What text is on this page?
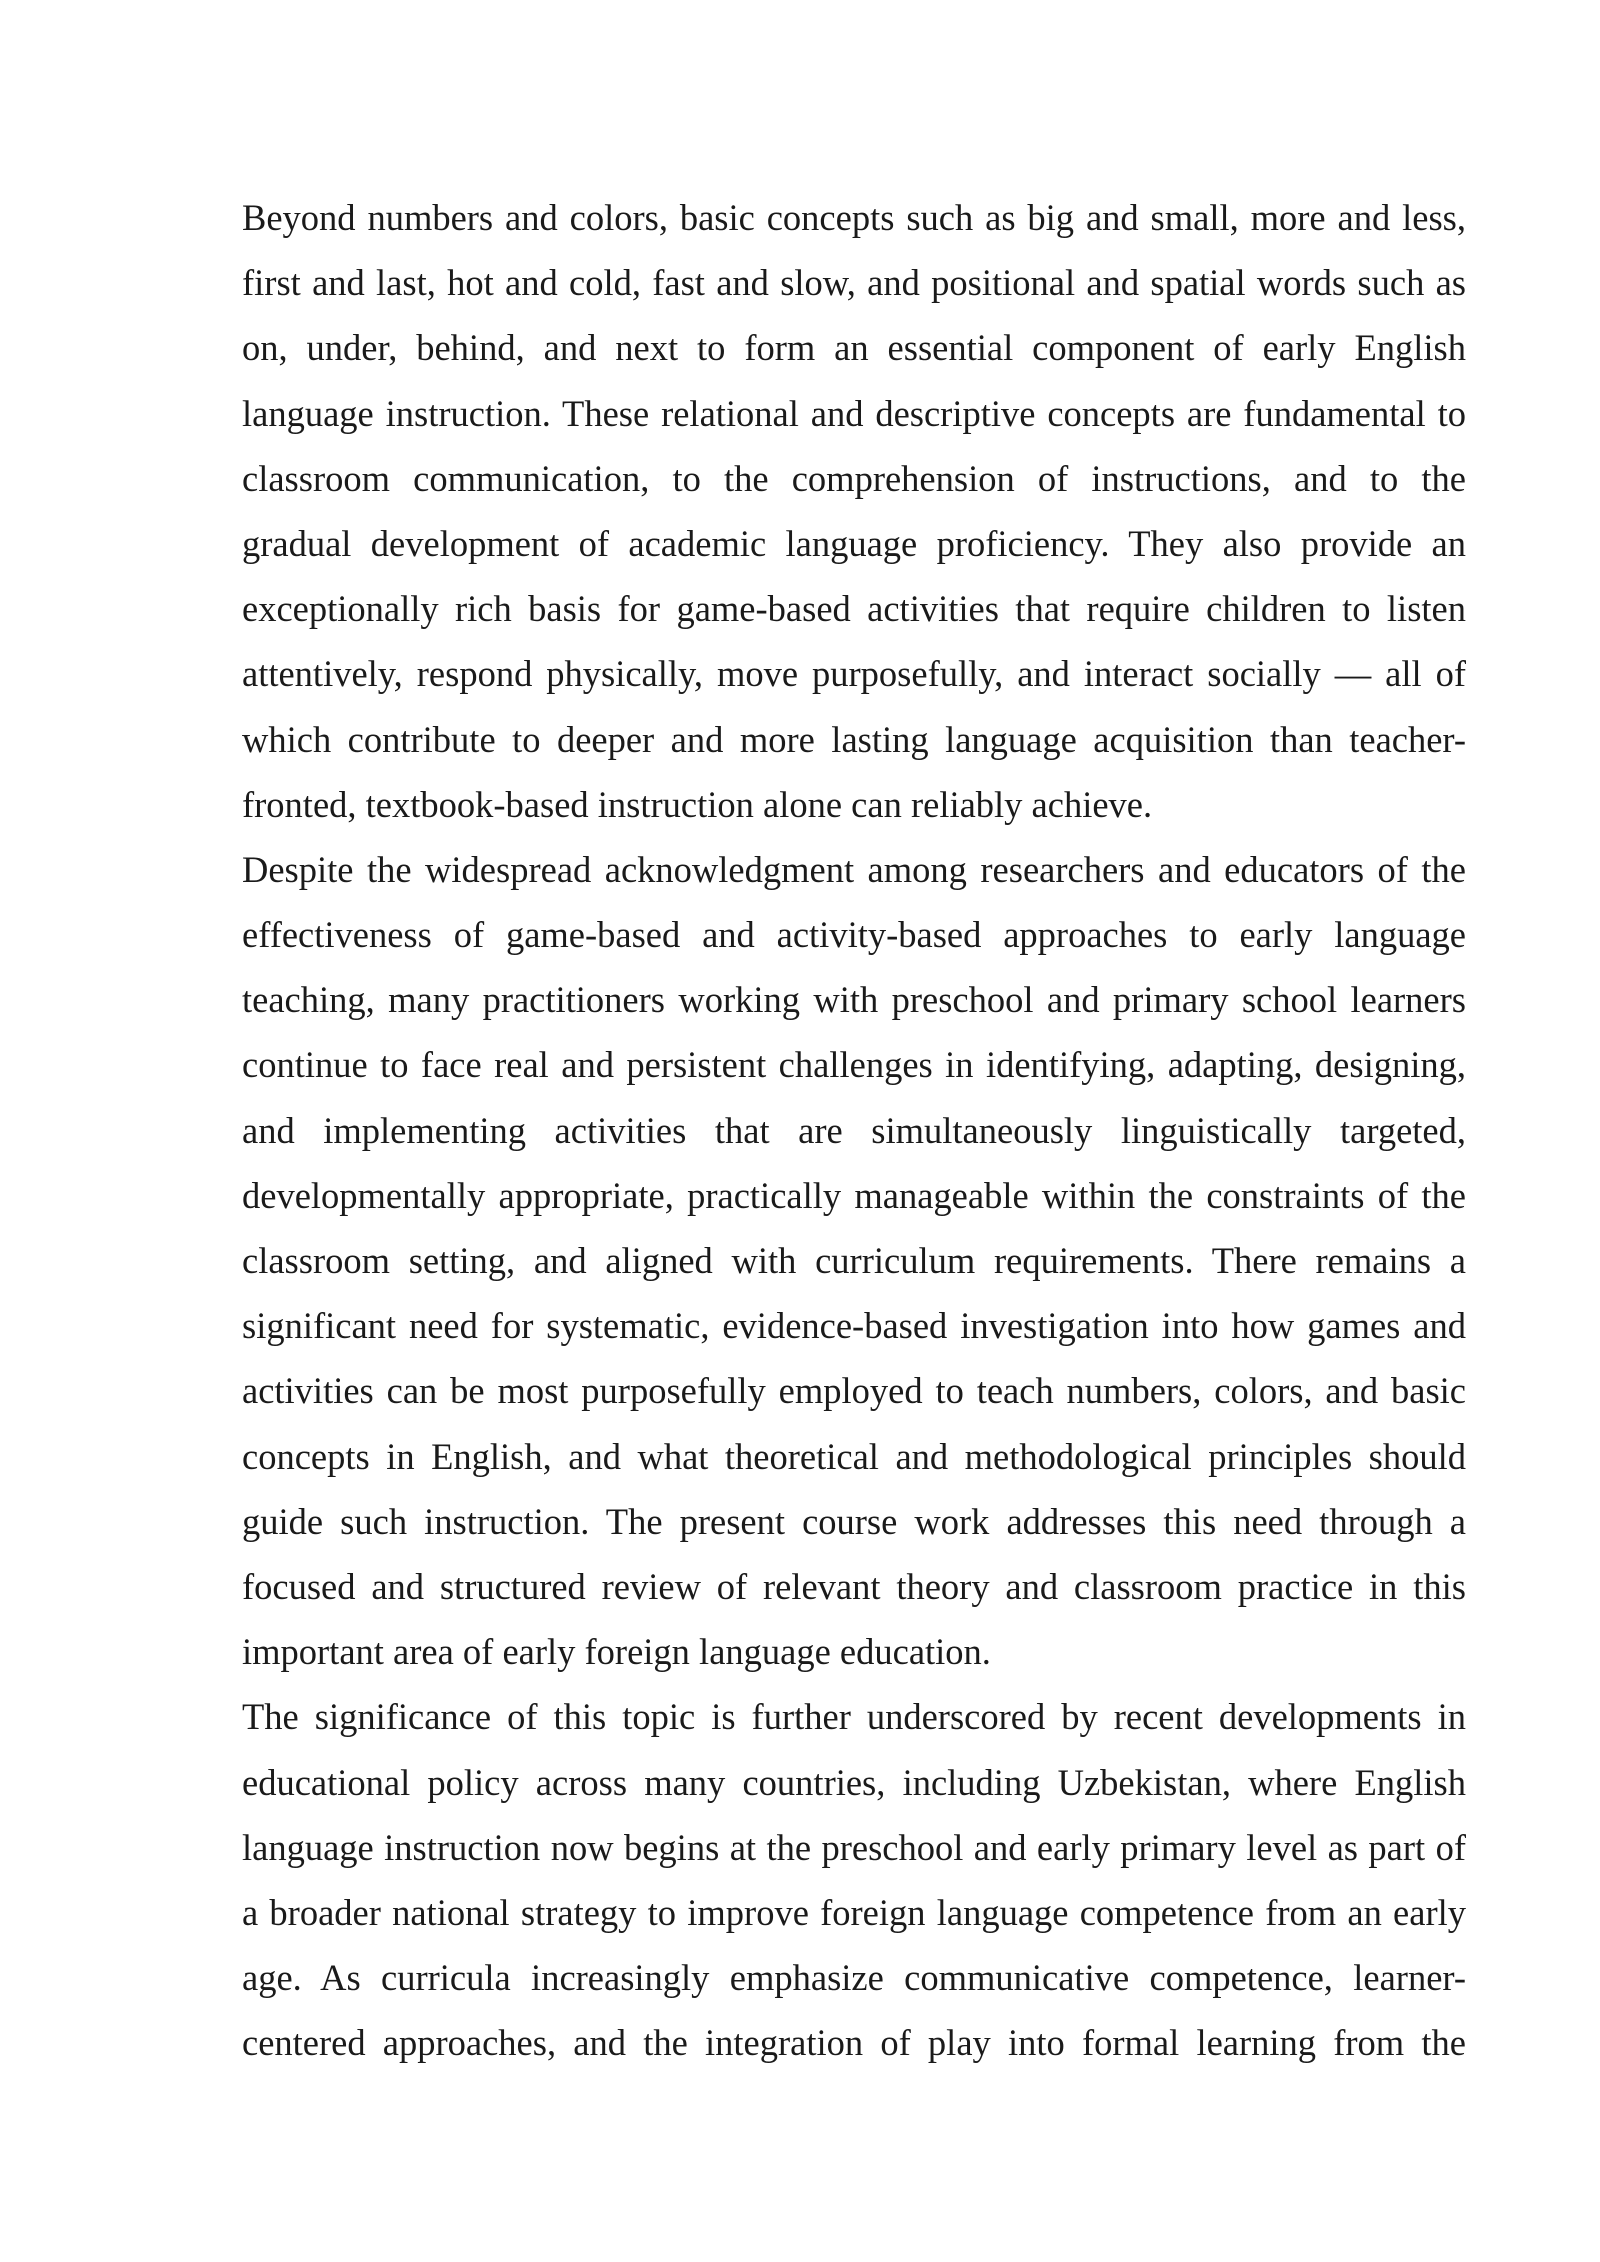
Beyond numbers and colors, basic concepts such as big and small, more and less,
first and last, hot and cold, fast and slow, and positional and spatial words such as
on, under, behind, and next to form an essential component of early English
language instruction. These relational and descriptive concepts are fundamental to
classroom communication, to the comprehension of instructions, and to the
gradual development of academic language proficiency. They also provide an
exceptionally rich basis for game-based activities that require children to listen
attentively, respond physically, move purposefully, and interact socially — all of
which contribute to deeper and more lasting language acquisition than teacher-
fronted, textbook-based instruction alone can reliably achieve.
Despite the widespread acknowledgment among researchers and educators of the
effectiveness of game-based and activity-based approaches to early language
teaching, many practitioners working with preschool and primary school learners
continue to face real and persistent challenges in identifying, adapting, designing,
and implementing activities that are simultaneously linguistically targeted,
developmentally appropriate, practically manageable within the constraints of the
classroom setting, and aligned with curriculum requirements. There remains a
significant need for systematic, evidence-based investigation into how games and
activities can be most purposefully employed to teach numbers, colors, and basic
concepts in English, and what theoretical and methodological principles should
guide such instruction. The present course work addresses this need through a
focused and structured review of relevant theory and classroom practice in this
important area of early foreign language education.
The significance of this topic is further underscored by recent developments in
educational policy across many countries, including Uzbekistan, where English
language instruction now begins at the preschool and early primary level as part of
a broader national strategy to improve foreign language competence from an early
age. As curricula increasingly emphasize communicative competence, learner-
centered approaches, and the integration of play into formal learning from the
